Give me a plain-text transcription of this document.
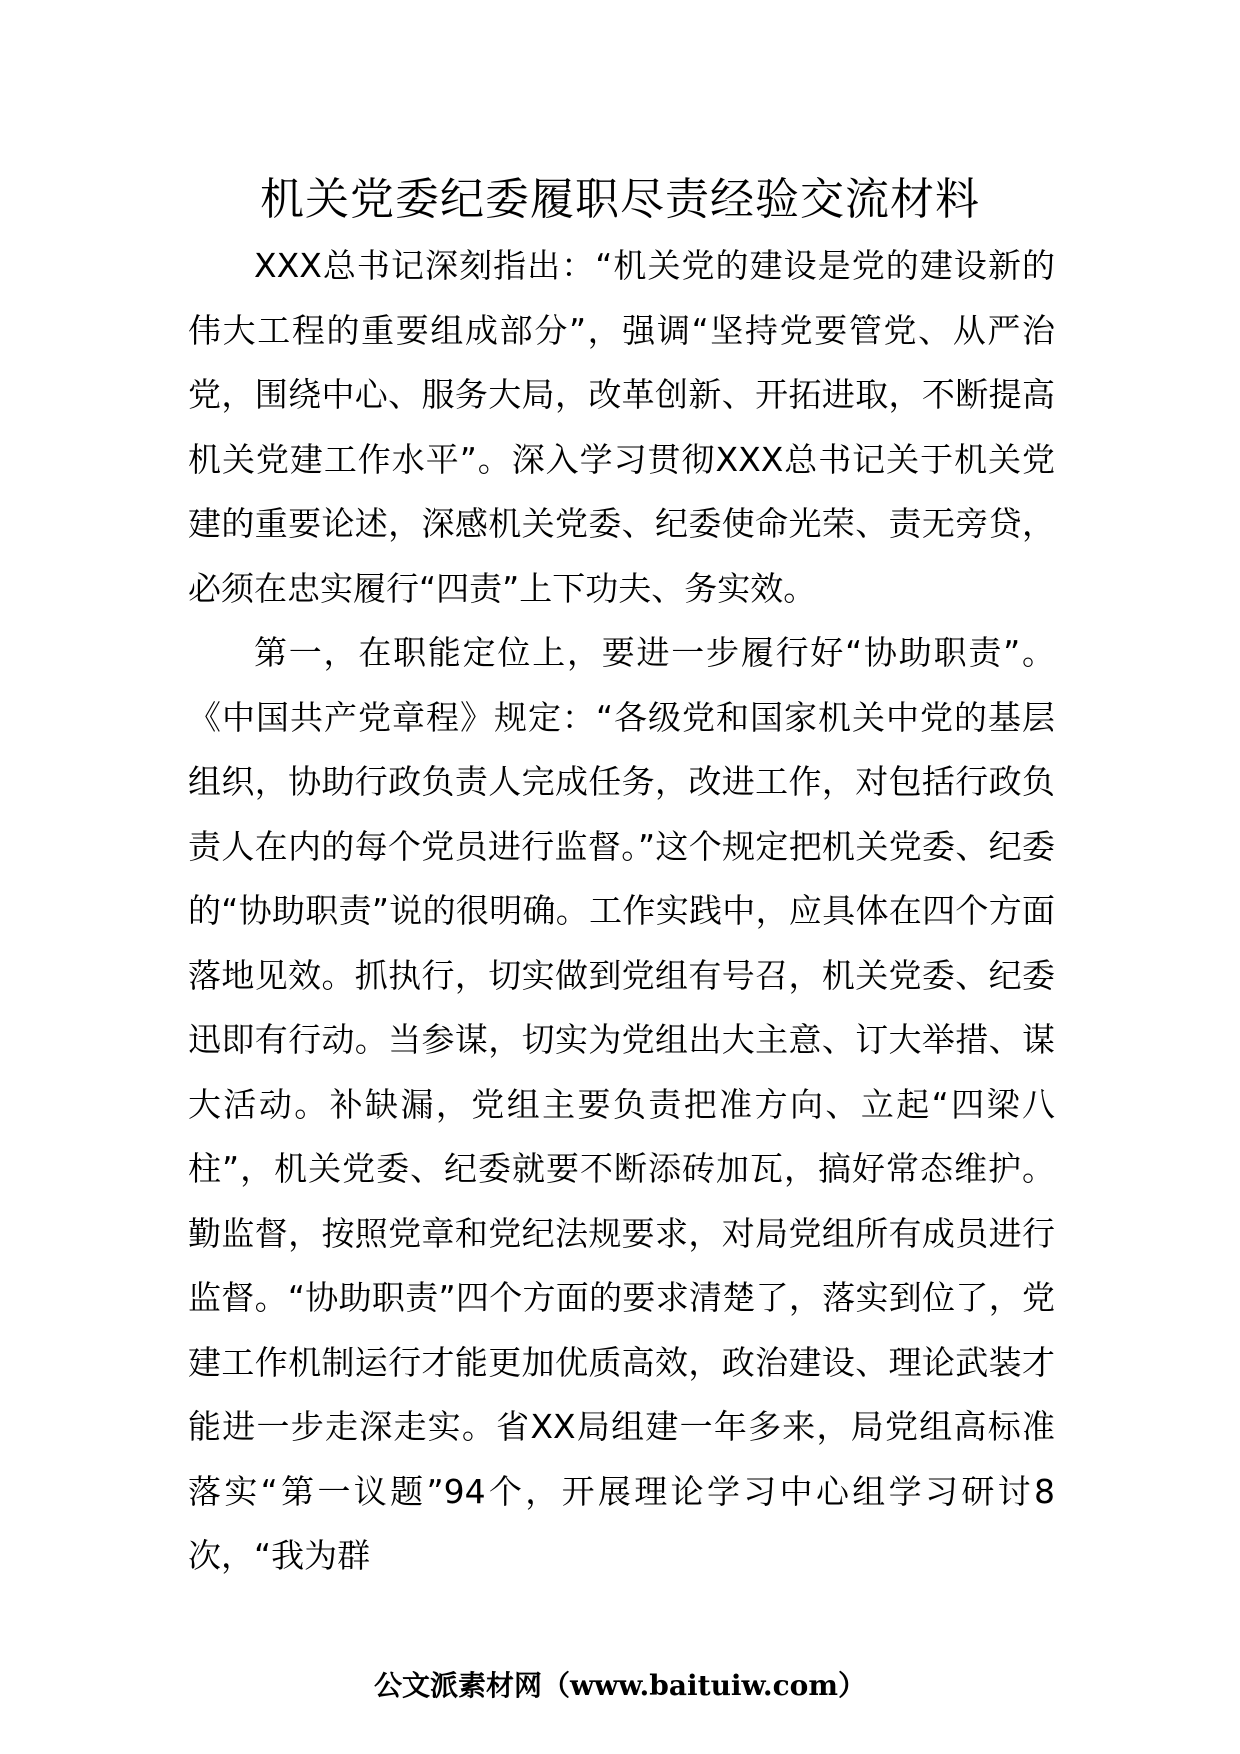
机关党委纪委履职尽责经验交流材料

XXX总书记深刻指出：“机关党的建设是党的建设新的伟大工程的重要组成部分”，强调“坚持党要管党、从严治党，围绕中心、服务大局，改革创新、开拓进取，不断提高机关党建工作水平”。深入学习贯彻XXX总书记关于机关党建的重要论述，深感机关党委、纪委使命光荣、责无旁贷，必须在忠实履行“四责”上下功夫、务实效。

第一，在职能定位上，要进一步履行好“协助职责”。《中国共产党章程》规定：“各级党和国家机关中党的基层组织，协助行政负责人完成任务，改进工作，对包括行政负责人在内的每个党员进行监督。”这个规定把机关党委、纪委的“协助职责”说的很明确。工作实践中，应具体在四个方面落地见效。抓执行，切实做到党组有号召，机关党委、纪委迅即有行动。当参谋，切实为党组出大主意、订大举措、谋大活动。补缺漏，党组主要负责把准方向、立起“四梁八柱”，机关党委、纪委就要不断添砖加瓦，搞好常态维护。勤监督，按照党章和党纪法规要求，对局党组所有成员进行监督。“协助职责”四个方面的要求清楚了，落实到位了，党建工作机制运行才能更加优质高效，政治建设、理论武装才能进一步走深走实。省XX局组建一年多来，局党组高标准落实“第一议题”94个，开展理论学习中心组学习研讨8次，“我为群

公文派素材网（www.baituiw.com）
